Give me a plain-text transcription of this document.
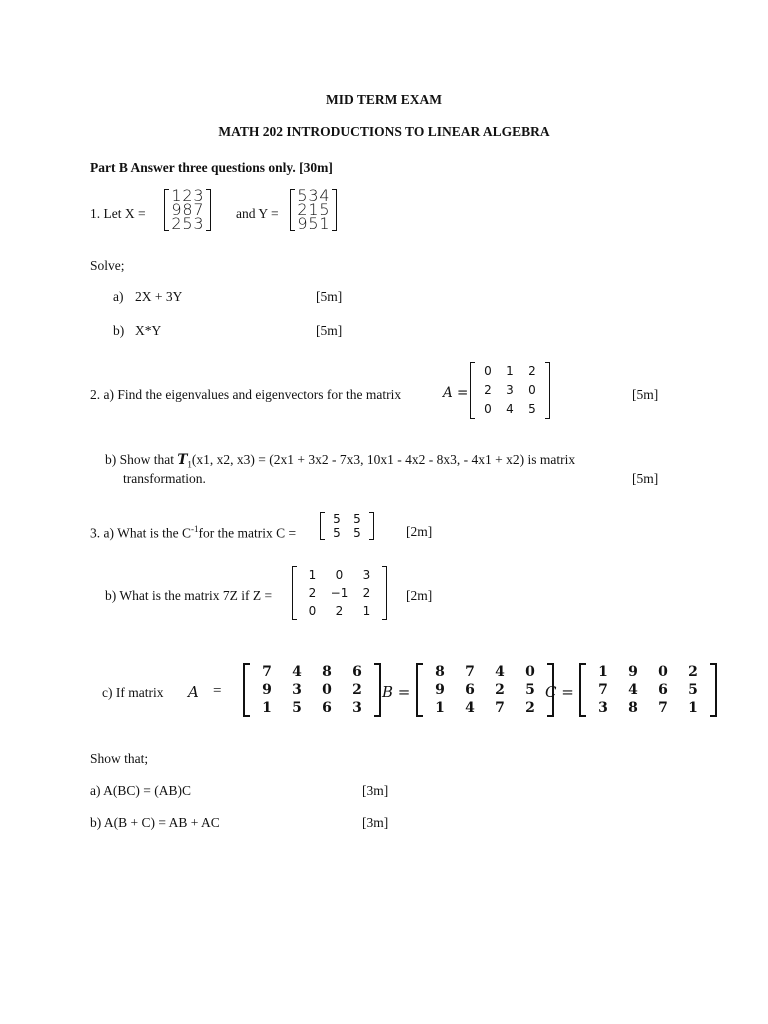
MID TERM EXAM
MATH 202 INTRODUCTIONS TO LINEAR ALGEBRA
Part B Answer three questions only. [30m]
1. Let X =
1 2 3
9 8 7
2 5 3
and Y =
5 3 4
2 1 5
9 5 1
Solve;
a) 2X + 3Y	[5m]
b) X*Y	[5m]
2. a) Find the eigenvalues and eigenvectors for the matrix	A =
0	1	2
2	3	0
0	4	5
[5m]
b) Show that $T_1(x1$, x2, x3) = (2x1 + 3x2 - 7x3, 10x1 - 4x2 - 8x3, - 4x1 + x2) is matrix
transformation.	[5m]
3. a) What is the $C^{-1}for$ the matrix C =
5	5
5	5	[2m]
b) What is the matrix 7Z if Z =
1	0	3
2	−1	2
0	2	1
[2m]
c) If matrix A =
7	4	8	6
9	3	0	2
1	5	6	3
B =
8	7	4	0
9	6	2	5
1	4	7	2
C =
1	9	0	2
7	4	6	5
3	8	7	1
Show that;
a) A(BC) = (AB)C	[3m]
b) A(B + C) = AB + AC	[3m]
